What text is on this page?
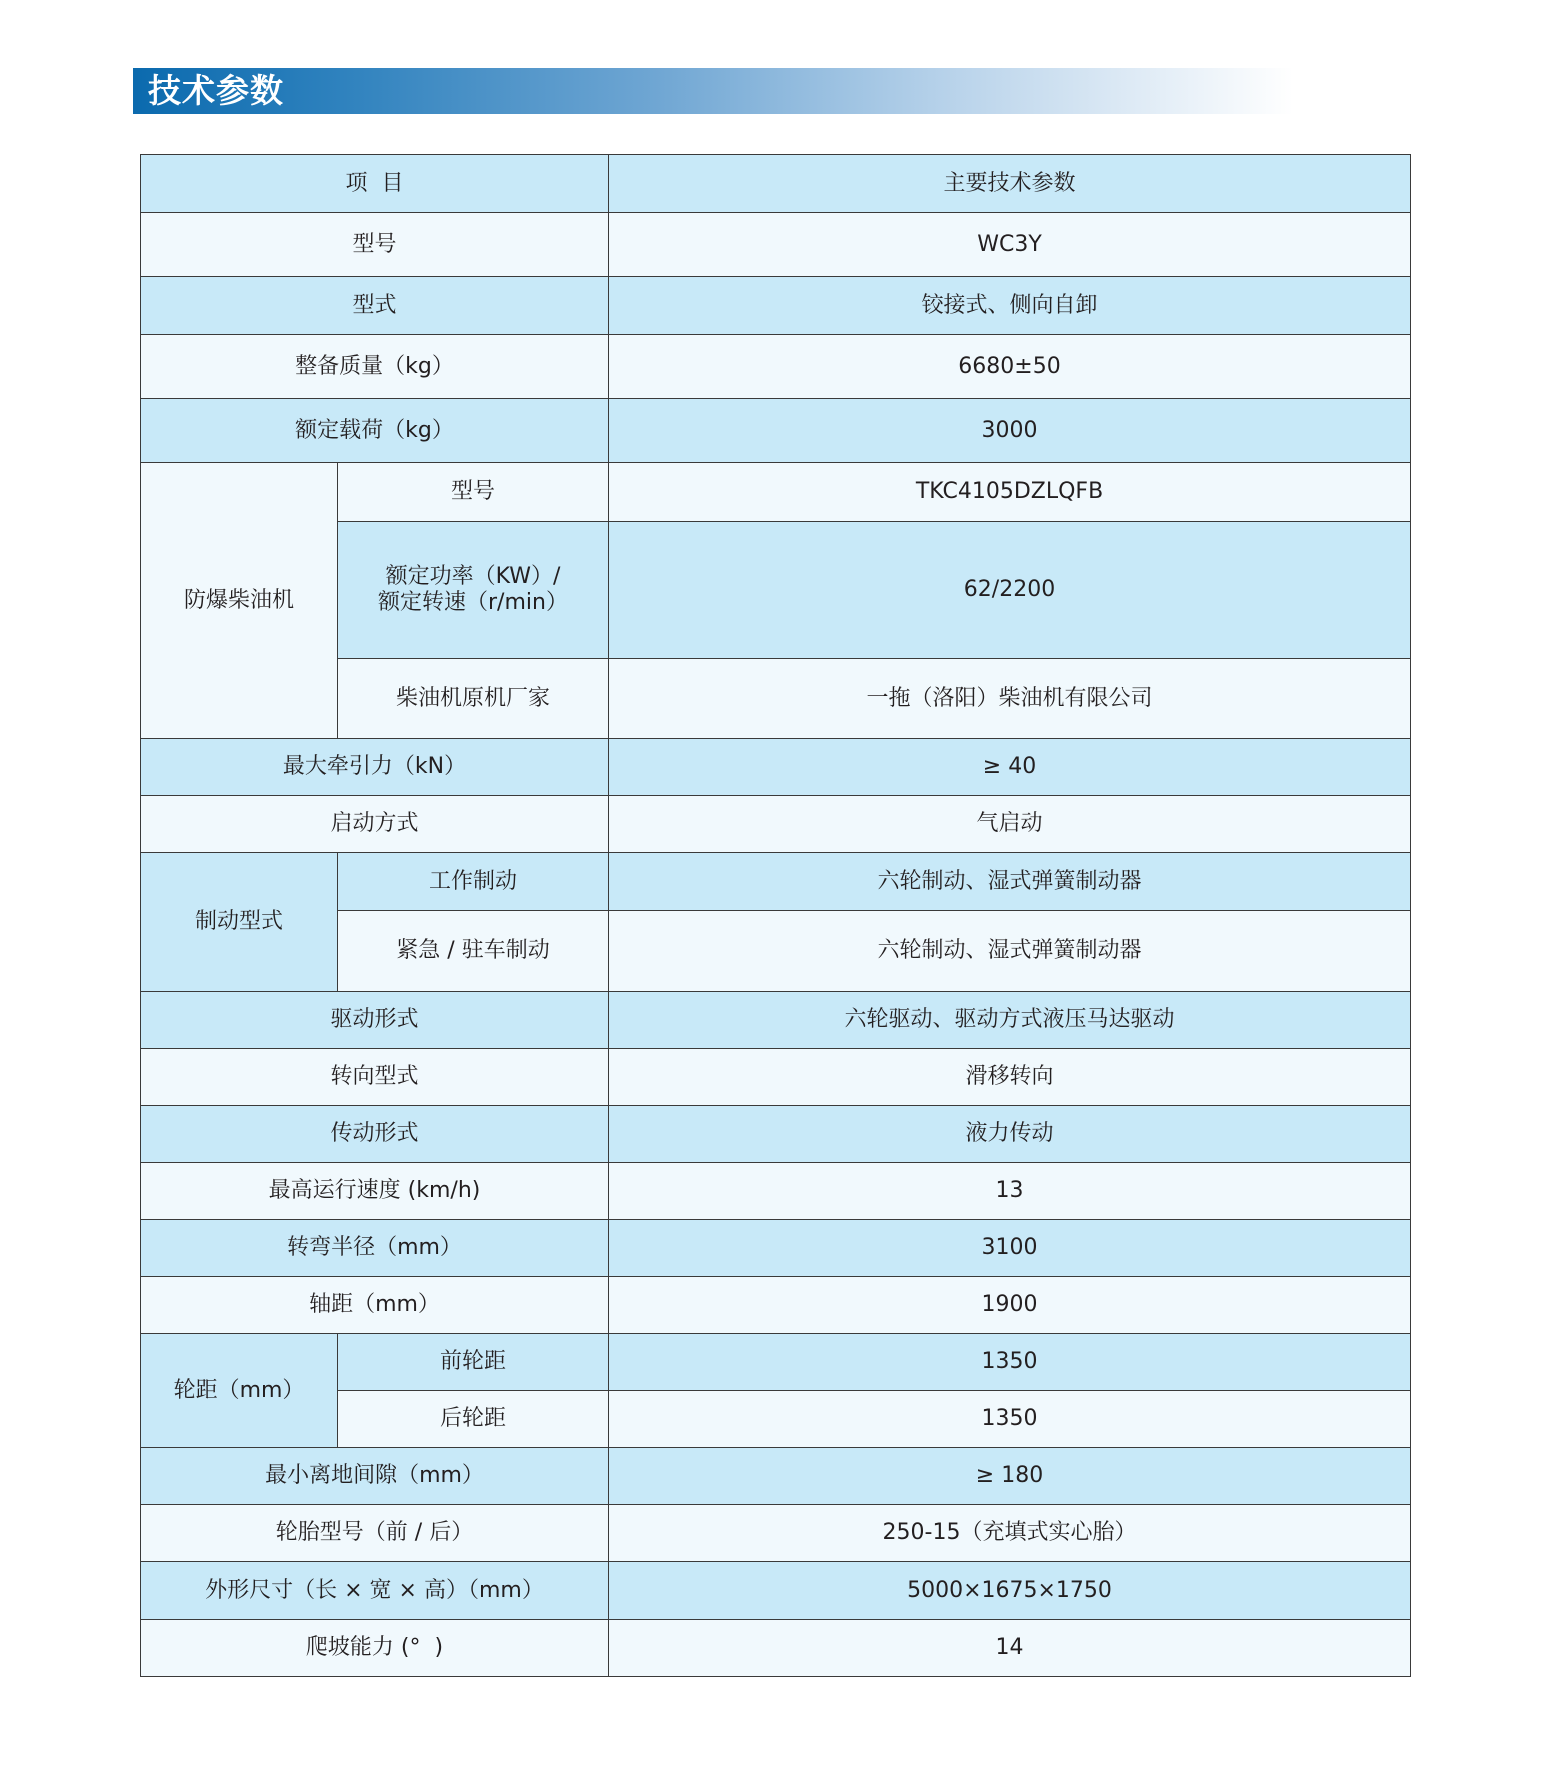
技术参数
项  目		主要技术参数
型号		WC3Y
型式		铰接式、侧向自卸
整备质量（kg）		6680±50
额定载荷（kg）		3000
防爆柴油机	型号	TKC4105DZLQFB

	额定功率（KW）/
额定转速（r/min）	62/2200
	柴油机原机厂家	一拖（洛阳）柴油机有限公司
最大牵引力（kN）		≥ 40
启动方式		气启动
制动型式	工作制动	六轮制动、湿式弹簧制动器
	紧急 / 驻车制动	六轮制动、湿式弹簧制动器
驱动形式		六轮驱动、驱动方式液压马达驱动
转向型式		滑移转向
传动形式		液力传动
最高运行速度 (km/h)		13
转弯半径（mm）		3100
轴距（mm）		1900
轮距（mm）	前轮距	1350
	后轮距	1350
最小离地间隙（mm）		≥ 180
轮胎型号（前 / 后）		250-15（充填式实心胎）
外形尺寸（长 × 宽 × 高）（mm）		5000×1675×1750
爬坡能力 (°  )		14
